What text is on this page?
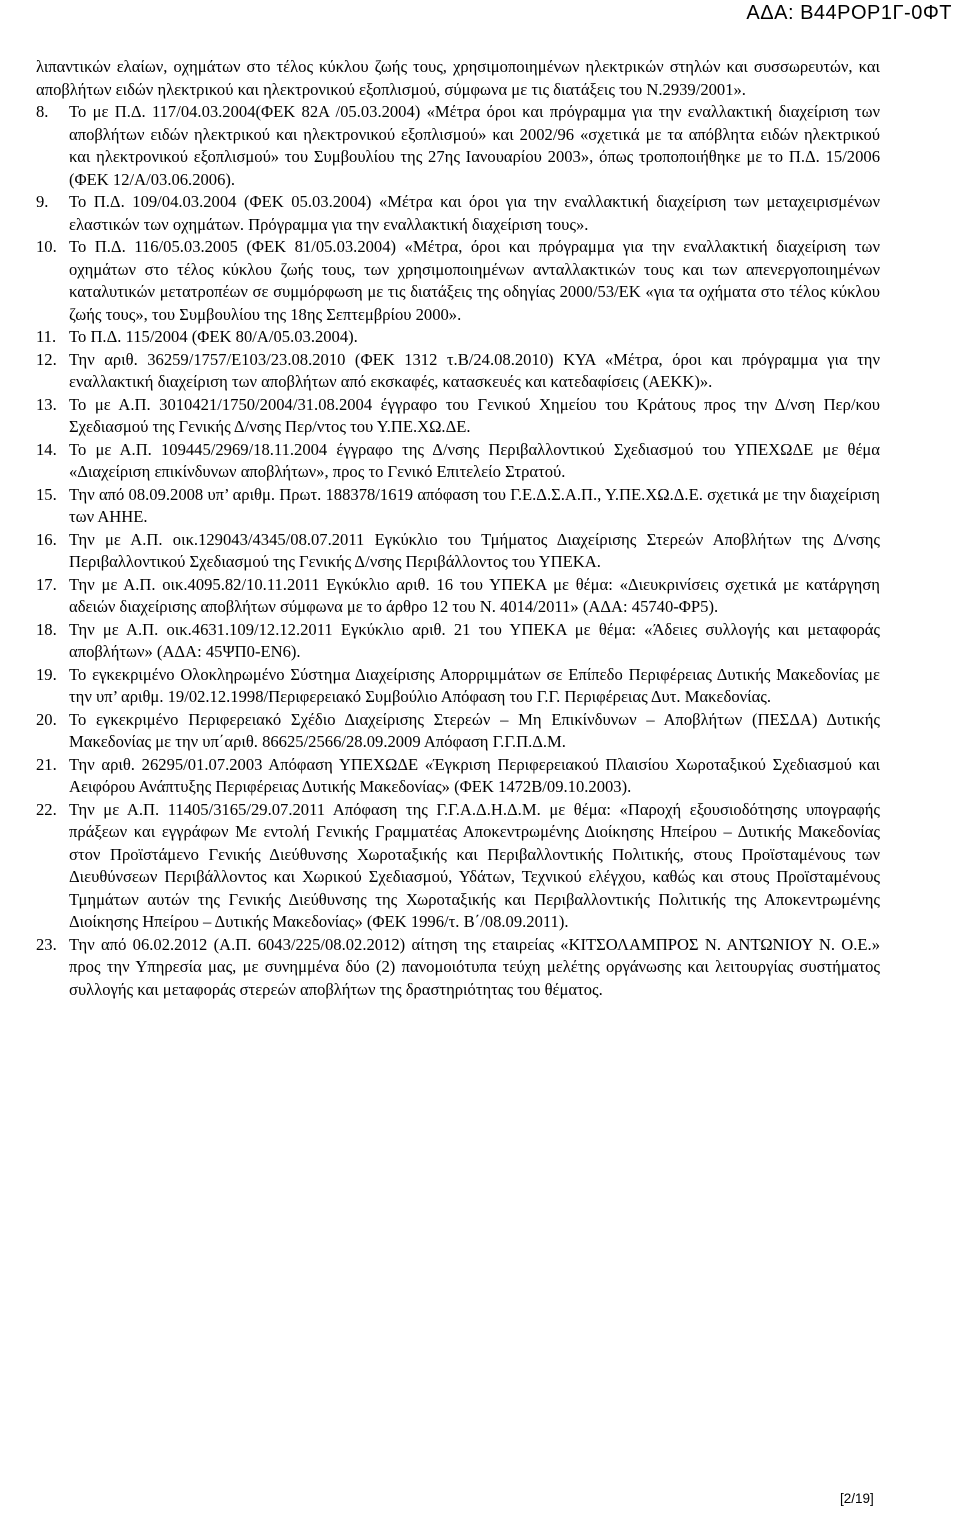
ΑΔΑ: Β44ΡΟΡ1Γ-0ΦΤ

λιπαντικών ελαίων, οχημάτων στο τέλος κύκλου ζωής τους, χρησιμοποιημένων ηλεκτρικών στηλών και συσσωρευτών, και αποβλήτων ειδών ηλεκτρικού και ηλεκτρονικού εξοπλισμού, σύμφωνα με τις διατάξεις του Ν.2939/2001».

8. Το με Π.Δ. 117/04.03.2004(ΦΕΚ 82Α /05.03.2004) «Μέτρα όροι και πρόγραμμα για την εναλλακτική διαχείριση των αποβλήτων ειδών ηλεκτρικού και ηλεκτρονικού εξοπλισμού» και 2002/96 «σχετικά με τα απόβλητα ειδών ηλεκτρικού και ηλεκτρονικού εξοπλισμού» του Συμβουλίου της 27ης Ιανουαρίου 2003», όπως τροποποιήθηκε με το Π.Δ. 15/2006 (ΦΕΚ 12/Α/03.06.2006).
9. Το Π.Δ. 109/04.03.2004 (ΦΕΚ 05.03.2004) «Μέτρα και όροι για την εναλλακτική διαχείριση των μεταχειρισμένων ελαστικών των οχημάτων. Πρόγραμμα για την εναλλακτική διαχείριση τους».
10. Το Π.Δ. 116/05.03.2005 (ΦΕΚ 81/05.03.2004) «Μέτρα, όροι και πρόγραμμα για την εναλλακτική διαχείριση των οχημάτων στο τέλος κύκλου ζωής τους, των χρησιμοποιημένων ανταλλακτικών τους και των απενεργοποιημένων καταλυτικών μετατροπέων σε συμμόρφωση με τις διατάξεις της οδηγίας 2000/53/ΕΚ «για τα οχήματα στο τέλος κύκλου ζωής τους», του Συμβουλίου της 18ης Σεπτεμβρίου 2000».
11. Το Π.Δ. 115/2004 (ΦΕΚ 80/Α/05.03.2004).
12. Την αριθ. 36259/1757/Ε103/23.08.2010 (ΦΕΚ 1312 τ.Β/24.08.2010) ΚΥΑ «Μέτρα, όροι και πρόγραμμα για την εναλλακτική διαχείριση των αποβλήτων από εκσκαφές, κατασκευές και κατεδαφίσεις (ΑΕΚΚ)».
13. Το με Α.Π. 3010421/1750/2004/31.08.2004 έγγραφο του Γενικού Χημείου του Κράτους προς την Δ/νση Περ/κου Σχεδιασμού της Γενικής Δ/νσης Περ/ντος του Υ.ΠΕ.ΧΩ.ΔΕ.
14. Το με Α.Π. 109445/2969/18.11.2004 έγγραφο της Δ/νσης Περιβαλλοντικού Σχεδιασμού του ΥΠΕΧΩΔΕ με θέμα «Διαχείριση επικίνδυνων αποβλήτων», προς το Γενικό Επιτελείο Στρατού.
15. Την από 08.09.2008 υπ’ αριθμ. Πρωτ. 188378/1619 απόφαση του Γ.Ε.Δ.Σ.Α.Π., Υ.ΠΕ.ΧΩ.Δ.Ε. σχετικά με την διαχείριση των ΑΗΗΕ.
16. Την με Α.Π. οικ.129043/4345/08.07.2011 Εγκύκλιο του Τμήματος Διαχείρισης Στερεών Αποβλήτων της Δ/νσης Περιβαλλοντικού Σχεδιασμού της Γενικής Δ/νσης Περιβάλλοντος του ΥΠΕΚΑ.
17. Την με Α.Π. οικ.4095.82/10.11.2011 Εγκύκλιο αριθ. 16 του ΥΠΕΚΑ με θέμα: «Διευκρινίσεις σχετικά με κατάργηση αδειών διαχείρισης αποβλήτων σύμφωνα με το άρθρο 12 του Ν. 4014/2011» (ΑΔΑ: 45740-ΦΡ5).
18. Την με Α.Π. οικ.4631.109/12.12.2011 Εγκύκλιο αριθ. 21 του ΥΠΕΚΑ με θέμα: «Άδειες συλλογής και μεταφοράς αποβλήτων» (ΑΔΑ: 45ΨΠ0-ΕΝ6).
19. Το εγκεκριμένο Ολοκληρωμένο Σύστημα Διαχείρισης Απορριμμάτων σε Επίπεδο Περιφέρειας Δυτικής Μακεδονίας με την υπ’ αριθμ. 19/02.12.1998/Περιφερειακό Συμβούλιο Απόφαση του Γ.Γ. Περιφέρειας Δυτ. Μακεδονίας.
20. Το εγκεκριμένο Περιφερειακό Σχέδιο Διαχείρισης Στερεών – Μη Επικίνδυνων – Αποβλήτων (ΠΕΣΔΑ) Δυτικής Μακεδονίας με την υπ΄αριθ. 86625/2566/28.09.2009 Απόφαση Γ.Γ.Π.Δ.Μ.
21. Την αριθ. 26295/01.07.2003 Απόφαση ΥΠΕΧΩΔΕ «Έγκριση Περιφερειακού Πλαισίου Χωροταξικού Σχεδιασμού και Αειφόρου Ανάπτυξης Περιφέρειας Δυτικής Μακεδονίας» (ΦΕΚ 1472Β/09.10.2003).
22. Την με Α.Π. 11405/3165/29.07.2011 Απόφαση της Γ.Γ.Α.Δ.Η.Δ.Μ. με θέμα: «Παροχή εξουσιοδότησης υπογραφής πράξεων και εγγράφων Με εντολή Γενικής Γραμματέας Αποκεντρωμένης Διοίκησης Ηπείρου – Δυτικής Μακεδονίας στον Προϊστάμενο Γενικής Διεύθυνσης Χωροταξικής και Περιβαλλοντικής Πολιτικής, στους Προϊσταμένους των Διευθύνσεων Περιβάλλοντος και Χωρικού Σχεδιασμού, Υδάτων, Τεχνικού ελέγχου, καθώς και στους Προϊσταμένους Τμημάτων αυτών της Γενικής Διεύθυνσης της Χωροταξικής και Περιβαλλοντικής Πολιτικής της Αποκεντρωμένης Διοίκησης Ηπείρου – Δυτικής Μακεδονίας» (ΦΕΚ 1996/τ. Β΄/08.09.2011).
23. Την από 06.02.2012 (Α.Π. 6043/225/08.02.2012) αίτηση της εταιρείας «ΚΙΤΣΟΛΑΜΠΡΟΣ Ν. ΑΝΤΩΝΙΟΥ Ν. Ο.Ε.» προς την Υπηρεσία μας, με συνημμένα δύο (2) πανομοιότυπα τεύχη μελέτης οργάνωσης και λειτουργίας συστήματος συλλογής και μεταφοράς στερεών αποβλήτων της δραστηριότητας του θέματος.
[2/19]
